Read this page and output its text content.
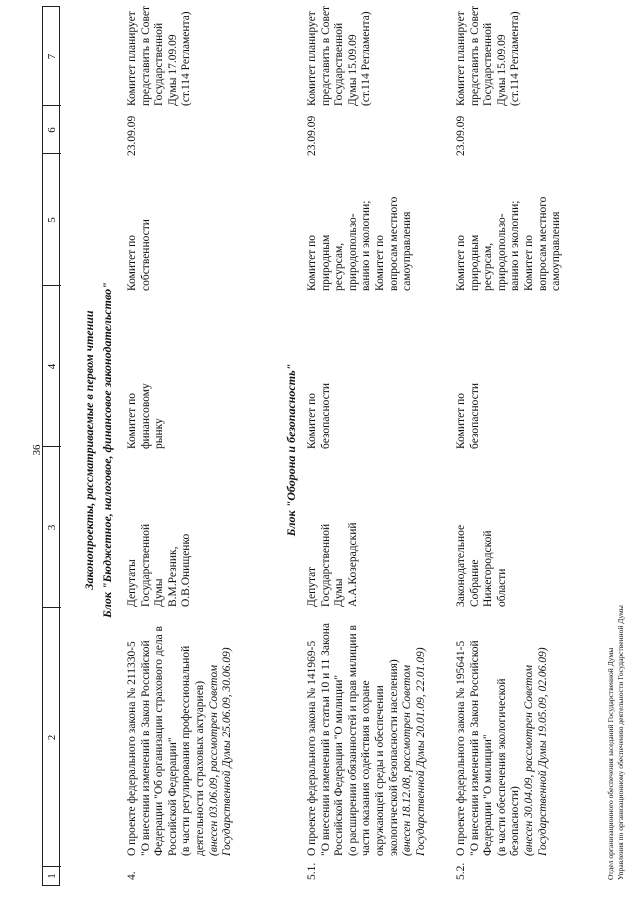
36
1
2
3
4
5
6
7
Законопроекты, рассматриваемые в первом чтении Блок "Бюджетное, налоговое, финансовое законодательство"
4.
О проекте федерального закона № 211330-5 "О внесении изменений в Закон Российской Федерации "Об организации страхового дела в Российской Федерации" (в части регулирования профессиональной деятельности страховых актуариев) (внесен 03.06.09, рассмотрен Советом Государственной Думы 25.06.09, 30.06.09)
Депутаты Государственной Думы В.М.Резник, О.В.Онищенко
Комитет по финансовому рынку
Комитет по собственности
23.09.09
Комитет планирует представить в Совет Государственной Думы 17.09.09 (ст.114 Регламента)
Блок "Оборона и безопасность"
5.1.
О проекте федерального закона № 141969-5 "О внесении изменений в статьи 10 и 11 Закона Российской Федерации "О милиции" (о расширении обязанностей и прав милиции в части оказания содействия в охране окружающей среды и обеспечении экологической безопасности населения) (внесен 18.12.08, рассмотрен Советом Государственной Думы 20.01.09, 22.01.09)
Депутат Государственной Думы А.А.Козерадский
Комитет по безопасности
Комитет по природным ресурсам, природопользо- ванию и экологии; Комитет по вопросам местного самоуправления
23.09.09
Комитет планирует представить в Совет Государственной Думы 15.09.09 (ст.114 Регламента)
5.2.
О проекте федерального закона № 195641-5 "О внесении изменений в Закон Российской Федерации "О милиции" (в части обеспечения экологической безопасности) (внесен 30.04.09, рассмотрен Советом Государственной Думы 19.05.09, 02.06.09)
Законодательное Собрание Нижегородской области
Комитет по безопасности
Комитет по природным ресурсам, природопользо- ванию и экологии; Комитет по вопросам местного самоуправления
23.09.09
Комитет планирует представить в Совет Государственной Думы 15.09.09 (ст.114 Регламента)
Отдел организационного обеспечения заседаний Государственной Думы Управления по организационному обеспечению деятельности Государственной Думы
